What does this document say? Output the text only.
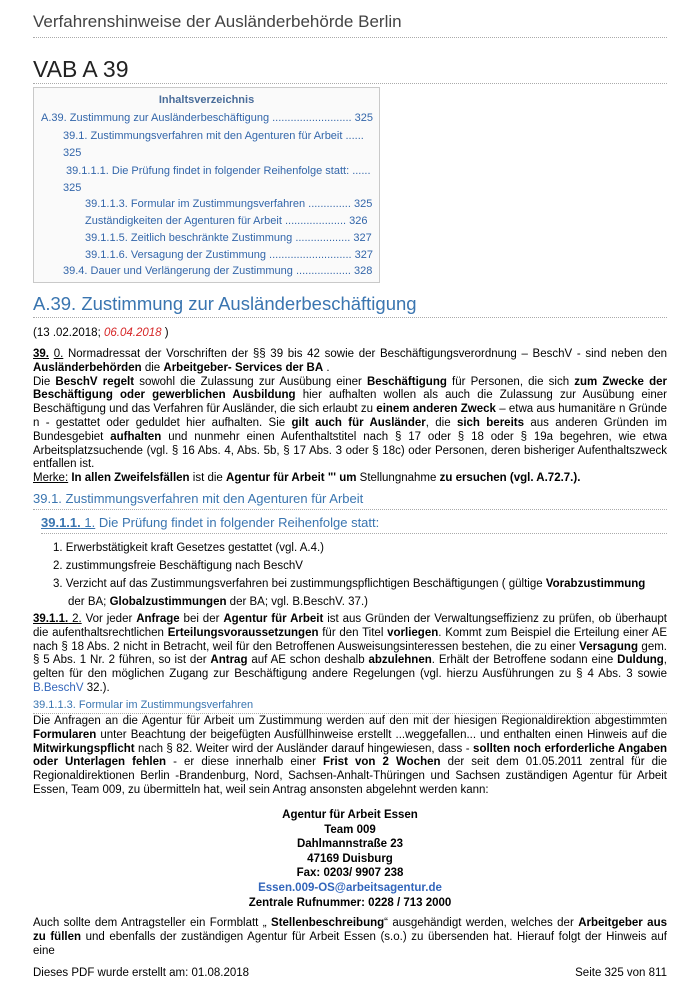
Verfahrenshinweise der Ausländerbehörde Berlin
VAB A 39
Inhaltsverzeichnis
A.39. Zustimmung zur Ausländerbeschäftigung .......................... 325
39.1. Zustimmungsverfahren mit den Agenturen für Arbeit ......
325
39.1.1.1. Die Prüfung findet in folgender Reihenfolge statt: ......
325
39.1.1.3. Formular im Zustimmungsverfahren .............. 325
Zuständigkeiten der Agenturen für Arbeit .................... 326
39.1.1.5. Zeitlich beschränkte Zustimmung .................. 327
39.1.1.6. Versagung der Zustimmung ........................... 327
39.4. Dauer und Verlängerung der Zustimmung .................. 328
A.39. Zustimmung zur Ausländerbeschäftigung
(13 .02.2018; 06.04.2018 )

39. 0. Normadressat der Vorschriften der §§ 39 bis 42 sowie der Beschäftigungsverordnung – BeschV - sind neben den Ausländerbehörden die Arbeitgeber- Services der BA .

Die BeschV regelt sowohl die Zulassung zur Ausübung einer Beschäftigung für Personen, die sich zum Zwecke der Beschäftigung oder gewerblichen Ausbildung hier aufhalten wollen als auch die Zulassung zur Ausübung einer Beschäftigung und das Verfahren für Ausländer, die sich erlaubt zu einem anderen Zweck – etwa aus humanitäre n Gründe n - gestattet oder geduldet hier aufhalten. Sie gilt auch für Ausländer, die sich bereits aus anderen Gründen im Bundesgebiet aufhalten und nunmehr einen Aufenthaltstitel nach § 17 oder § 18 oder § 19a begehren, wie etwa Arbeitsplatzsuchende (vgl. § 16 Abs. 4, Abs. 5b, § 17 Abs. 3 oder § 18c) oder Personen, deren bisheriger Aufenthaltszweck entfallen ist.

Merke: In allen Zweifelsfällen ist die Agentur für Arbeit "' um Stellungnahme zu ersuchen (vgl. A.72.7.).

39.1. Zustimmungsverfahren mit den Agenturen für Arbeit
39.1.1. 1. Die Prüfung findet in folgender Reihenfolge statt:
1. Erwerbstätigkeit kraft Gesetzes gestattet (vgl. A.4.)
2. zustimmungsfreie Beschäftigung nach BeschV
3. Verzicht auf das Zustimmungsverfahren bei zustimmungspflichtigen Beschäftigungen ( gültige Vorabzustimmung
der BA; Globalzustimmungen der BA; vgl. B.BeschV. 37.)

39.1.1. 2. Vor jeder Anfrage bei der Agentur für Arbeit ist aus Gründen der Verwaltungseffizienz zu prüfen, ob überhaupt die aufenthaltsrechtlichen Erteilungsvoraussetzungen für den Titel vorliegen. Kommt zum Beispiel die Erteilung einer AE nach § 18 Abs. 2 nicht in Betracht, weil für den Betroffenen Ausweisungsinteressen bestehen, die zu einer Versagung gem. § 5 Abs. 1 Nr. 2 führen, so ist der Antrag auf AE schon deshalb abzulehnen. Erhält der Betroffene sodann eine Duldung, gelten für den möglichen Zugang zur Beschäftigung andere Regelungen (vgl. hierzu Ausführungen zu § 4 Abs. 3 sowie B.BeschV 32.).

39.1.1.3. Formular im Zustimmungsverfahren

Die Anfragen an die Agentur für Arbeit um Zustimmung werden auf den mit der hiesigen Regionaldirektion abgestimmten Formularen unter Beachtung der beigefügten Ausfüllhinweise erstellt ...weggefallen... und enthalten einen Hinweis auf die Mitwirkungspflicht nach § 82. Weiter wird der Ausländer darauf hingewiesen, dass - sollten noch erforderliche Angaben oder Unterlagen fehlen - er diese innerhalb einer Frist von 2 Wochen der seit dem 01.05.2011 zentral für die Regionaldirektionen Berlin -Brandenburg, Nord, Sachsen-Anhalt-Thüringen und Sachsen zuständigen Agentur für Arbeit Essen, Team 009, zu übermitteln hat, weil sein Antrag ansonsten abgelehnt werden kann:

Agentur für Arbeit Essen
Team 009
Dahlmannstraße 23
47169 Duisburg
Fax: 0203/ 9907 238
Essen.009-OS@arbeitsagentur.de
Zentrale Rufnummer: 0228 / 713 2000

Auch sollte dem Antragsteller ein Formblatt „ Stellenbeschreibung“ ausgehändigt werden, welches der Arbeitgeber aus zu füllen und ebenfalls der zuständigen Agentur für Arbeit Essen (s.o.) zu übersenden hat. Hierauf folgt der Hinweis auf eine

Dieses PDF wurde erstellt am: 01.08.2018	Seite 325 von 811
